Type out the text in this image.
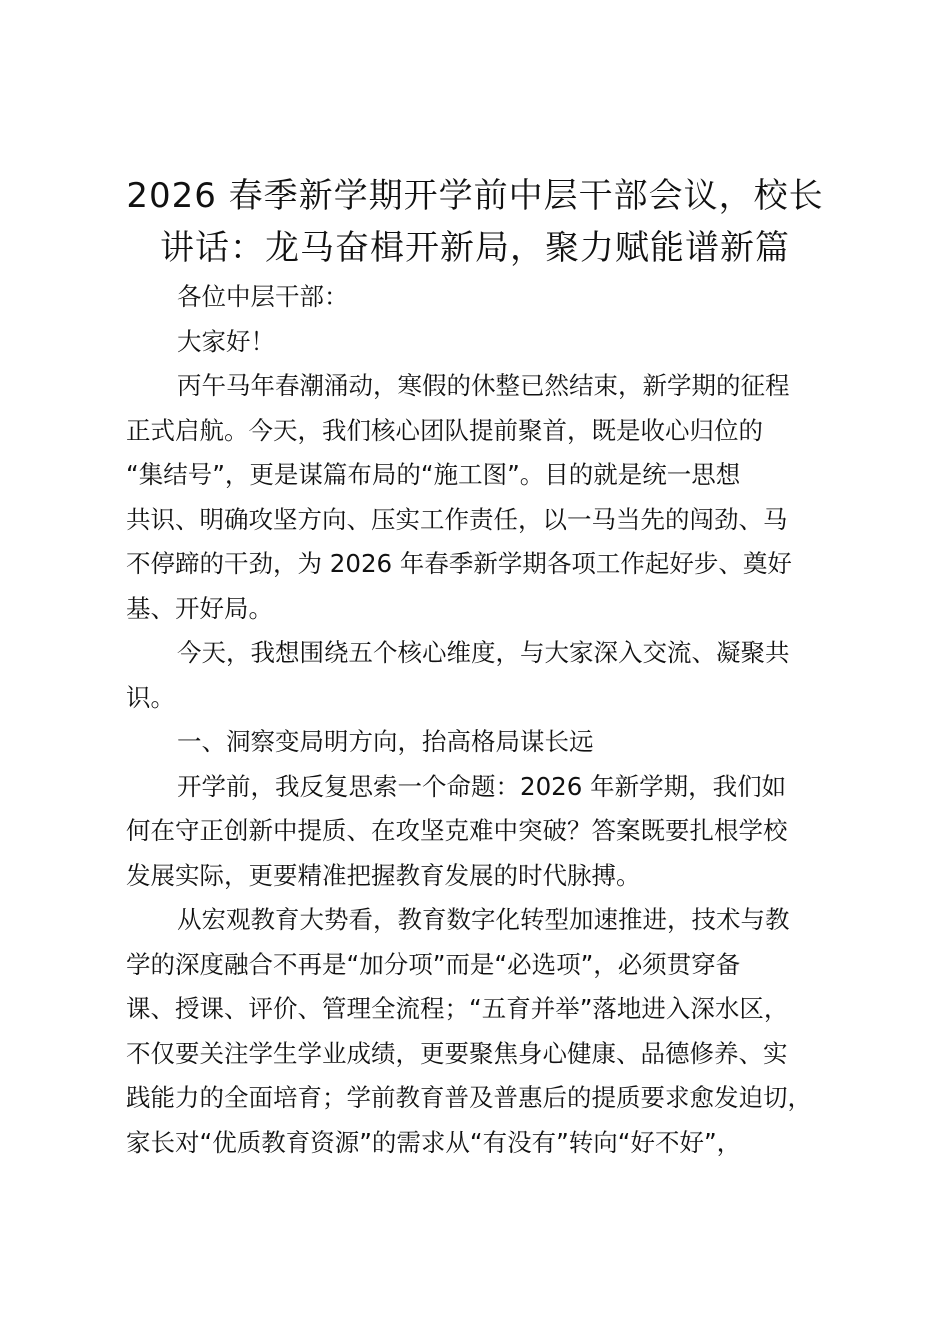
2026 春季新学期开学前中层干部会议，校长
讲话：龙马奋楫开新局，聚力赋能谱新篇
各位中层干部：
大家好！
丙午马年春潮涌动，寒假的休整已然结束，新学期的征程
正式启航。今天，我们核心团队提前聚首，既是收心归位的
“集结号”，更是谋篇布局的“施工图”。目的就是统一思想
共识、明确攻坚方向、压实工作责任，以一马当先的闯劲、马
不停蹄的干劲，为 2026 年春季新学期各项工作起好步、奠好
基、开好局。
今天，我想围绕五个核心维度，与大家深入交流、凝聚共
识。
一、洞察变局明方向，抬高格局谋长远
开学前，我反复思索一个命题：2026 年新学期，我们如
何在守正创新中提质、在攻坚克难中突破？答案既要扎根学校
发展实际，更要精准把握教育发展的时代脉搏。
从宏观教育大势看，教育数字化转型加速推进，技术与教
学的深度融合不再是“加分项”而是“必选项”，必须贯穿备
课、授课、评价、管理全流程；“五育并举”落地进入深水区，
不仅要关注学生学业成绩，更要聚焦身心健康、品德修养、实
践能力的全面培育；学前教育普及普惠后的提质要求愈发迫切，
家长对“优质教育资源”的需求从“有没有”转向“好不好”，
